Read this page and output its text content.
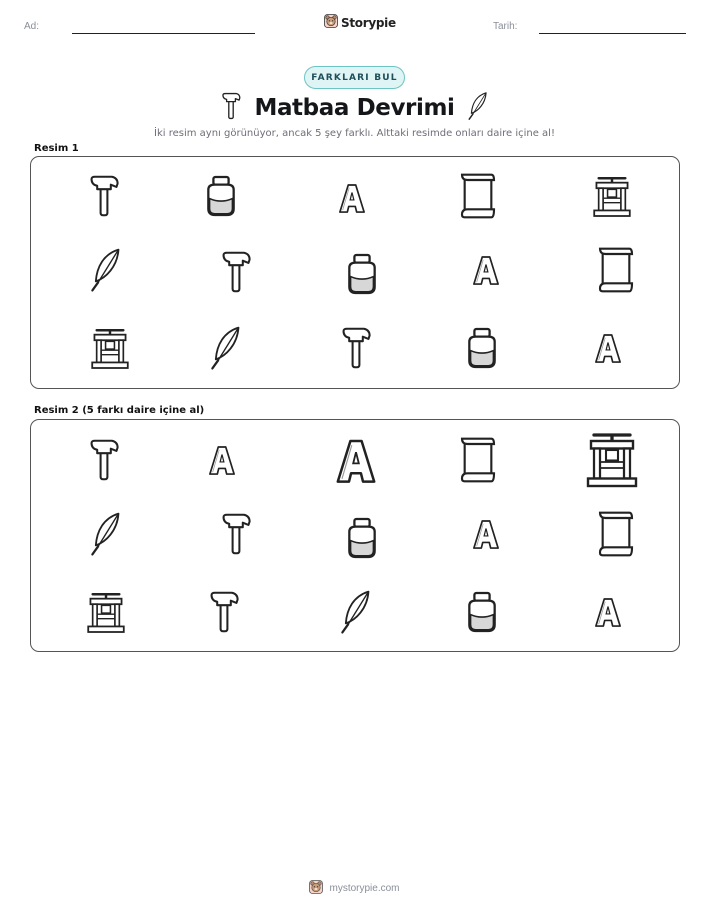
Ad:	Storypie	Tarih:
FARKLARI BUL
Matbaa Devrimi
İki resim aynı görünüyor, ancak 5 şey farklı. Alttaki resimde onları daire içine al!
Resim 1
Resim 2 (5 farkı daire içine al)
mystorypie.com
